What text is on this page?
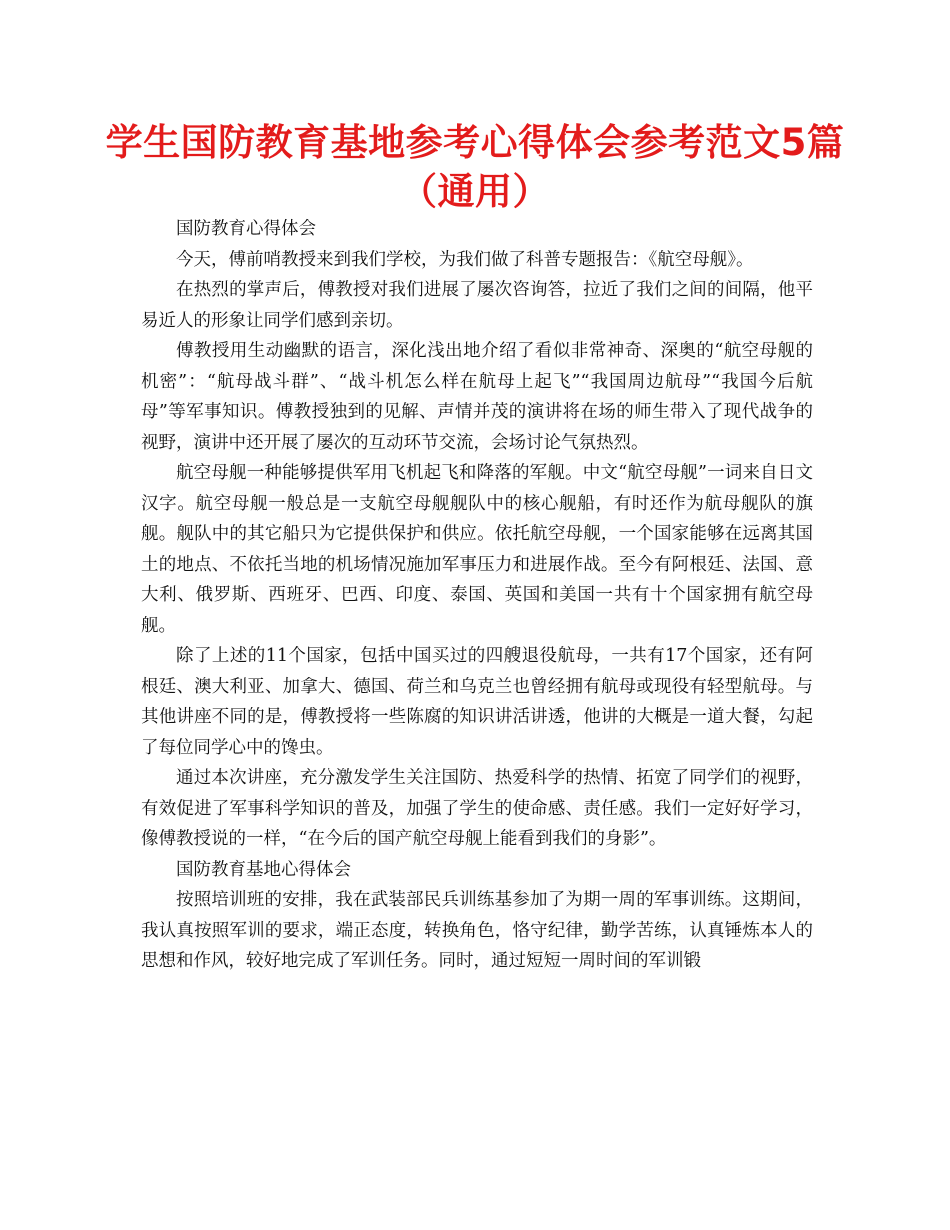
学生国防教育基地参考心得体会参考范文5篇（通用）

国防教育心得体会

今天，傅前哨教授来到我们学校，为我们做了科普专题报告：《航空母舰》。

在热烈的掌声后，傅教授对我们进展了屡次咨询答，拉近了我们之间的间隔，他平易近人的形象让同学们感到亲切。

傅教授用生动幽默的语言，深化浅出地介绍了看似非常神奇、深奥的“航空母舰的机密”：“航母战斗群”、“战斗机怎么样在航母上起飞”“我国周边航母”“我国今后航母”等军事知识。傅教授独到的见解、声情并茂的演讲将在场的师生带入了现代战争的视野，演讲中还开展了屡次的互动环节交流，会场讨论气氛热烈。

航空母舰一种能够提供军用飞机起飞和降落的军舰。中文“航空母舰”一词来自日文汉字。航空母舰一般总是一支航空母舰舰队中的核心舰船，有时还作为航母舰队的旗舰。舰队中的其它船只为它提供保护和供应。依托航空母舰，一个国家能够在远离其国土的地点、不依托当地的机场情况施加军事压力和进展作战。至今有阿根廷、法国、意大利、俄罗斯、西班牙、巴西、印度、泰国、英国和美国一共有十个国家拥有航空母舰。

除了上述的11个国家，包括中国买过的四艘退役航母，一共有17个国家，还有阿根廷、澳大利亚、加拿大、德国、荷兰和乌克兰也曾经拥有航母或现役有轻型航母。与其他讲座不同的是，傅教授将一些陈腐的知识讲活讲透，他讲的大概是一道大餐，勾起了每位同学心中的馋虫。

通过本次讲座，充分激发学生关注国防、热爱科学的热情、拓宽了同学们的视野，有效促进了军事科学知识的普及，加强了学生的使命感、责任感。我们一定好好学习，像傅教授说的一样，“在今后的国产航空母舰上能看到我们的身影”。

国防教育基地心得体会

按照培训班的安排，我在武装部民兵训练基参加了为期一周的军事训练。这期间，我认真按照军训的要求，端正态度，转换角色，恪守纪律，勤学苦练，认真锤炼本人的思想和作风，较好地完成了军训任务。同时，通过短短一周时间的军训锻
